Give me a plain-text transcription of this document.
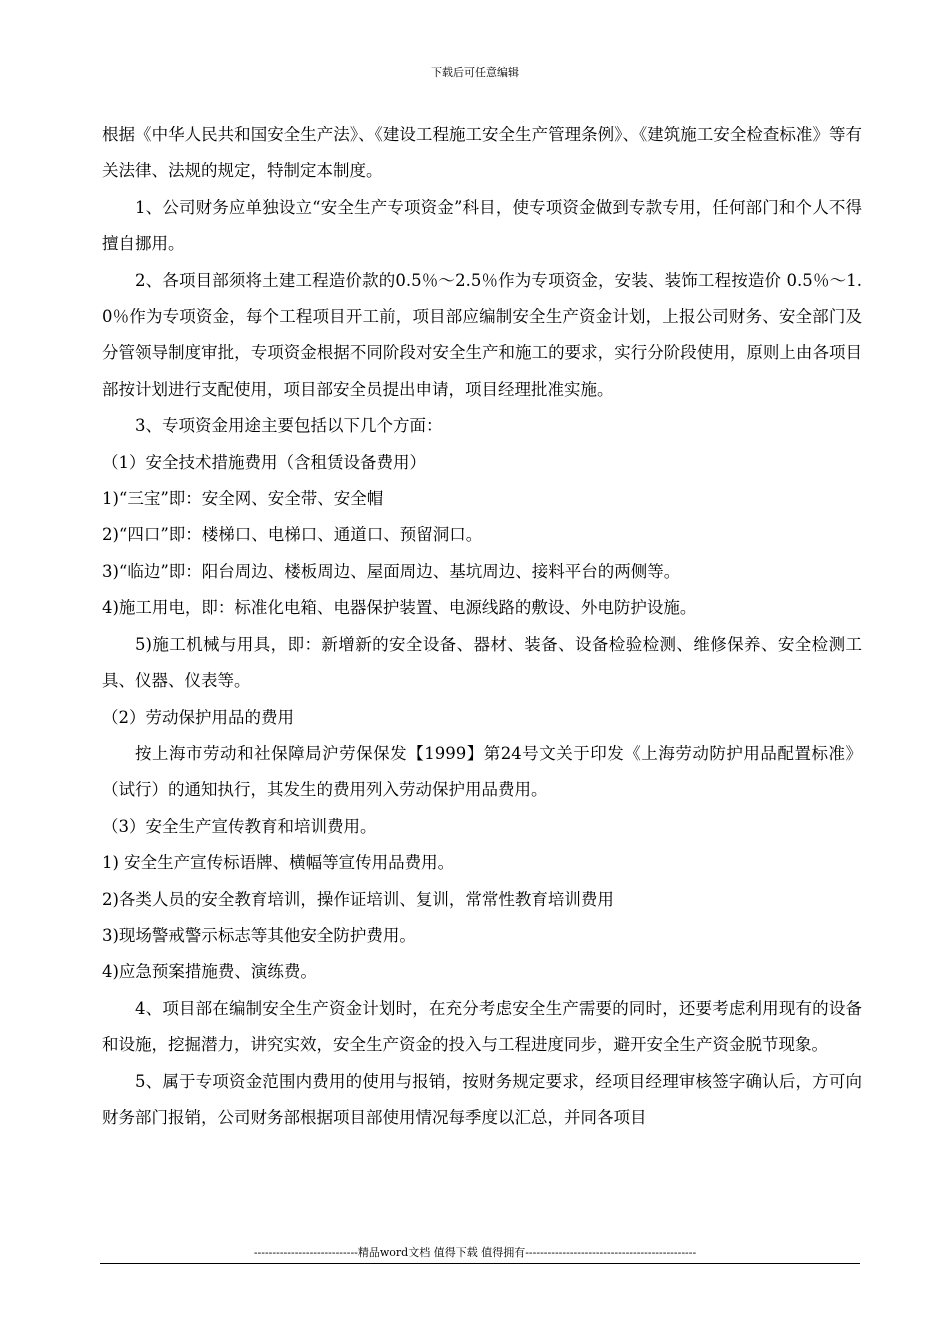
下载后可任意编辑

根据《中华人民共和国安全生产法》、《建设工程施工安全生产管理条例》、《建筑施工安全检查标准》等有关法律、法规的规定，特制定本制度。

1、公司财务应单独设立“安全生产专项资金”科目，使专项资金做到专款专用，任何部门和个人不得擅自挪用。

2、各项目部须将土建工程造价款的0.5％～2.5％作为专项资金，安装、装饰工程按造价 0.5％～1.0％作为专项资金，每个工程项目开工前，项目部应编制安全生产资金计划，上报公司财务、安全部门及分管领导制度审批，专项资金根据不同阶段对安全生产和施工的要求，实行分阶段使用，原则上由各项目部按计划进行支配使用，项目部安全员提出申请，项目经理批准实施。

3、专项资金用途主要包括以下几个方面：

（1）安全技术措施费用（含租赁设备费用）

1)“三宝”即：安全网、安全带、安全帽

2)“四口”即：楼梯口、电梯口、通道口、预留洞口。

3)“临边”即：阳台周边、楼板周边、屋面周边、基坑周边、接料平台的两侧等。

4)施工用电，即：标准化电箱、电器保护装置、电源线路的敷设、外电防护设施。

5)施工机械与用具，即：新增新的安全设备、器材、装备、设备检验检测、维修保养、安全检测工具、仪器、仪表等。

（2）劳动保护用品的费用

按上海市劳动和社保障局沪劳保保发【1999】第24号文关于印发《上海劳动防护用品配置标准》（试行）的通知执行，其发生的费用列入劳动保护用品费用。

（3）安全生产宣传教育和培训费用。

1) 安全生产宣传标语牌、横幅等宣传用品费用。

2)各类人员的安全教育培训，操作证培训、复训，常常性教育培训费用

3)现场警戒警示标志等其他安全防护费用。

4)应急预案措施费、演练费。

4、项目部在编制安全生产资金计划时，在充分考虑安全生产需要的同时，还要考虑利用现有的设备和设施，挖掘潜力，讲究实效，安全生产资金的投入与工程进度同步，避开安全生产资金脱节现象。

5、属于专项资金范围内费用的使用与报销，按财务规定要求，经项目经理审核签字确认后，方可向财务部门报销，公司财务部根据项目部使用情况每季度以汇总，并同各项目

----------------------------精品word文档 值得下载 值得拥有----------------------------------------------
